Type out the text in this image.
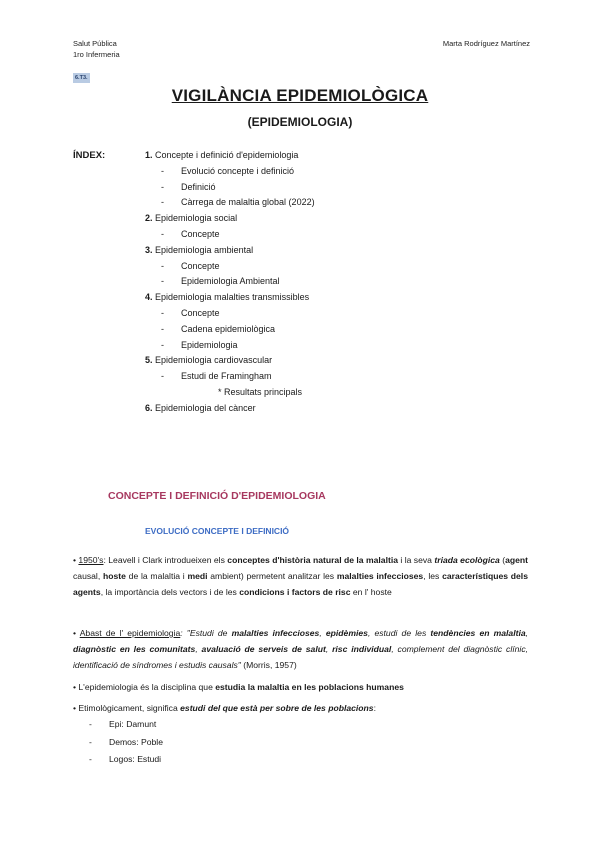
Salut Pública
1ro Infermeria
Marta Rodríguez Martínez
6.T3.
VIGILÀNCIA EPIDEMIOLÒGICA
(EPIDEMIOLOGIA)
ÍNDEX:	1. Concepte i definició d'epidemiologia
- Evolució concepte i definició
- Definició
- Càrrega de malaltia global (2022)
2. Epidemiologia social
- Concepte
3. Epidemiologia ambiental
- Concepte
- Epidemiologia Ambiental
4. Epidemiologia malalties transmissibles
- Concepte
- Cadena epidemiològica
- Epidemiologia
5. Epidemiologia cardiovascular
- Estudi de Framingham
* Resultats principals
6. Epidemiologia del càncer
CONCEPTE I DEFINICIÓ D'EPIDEMIOLOGIA
EVOLUCIÓ CONCEPTE I DEFINICIÓ
• 1950's: Leavell i Clark introdueixen els conceptes d'història natural de la malaltia i la seva triada ecològica (agent causal, hoste de la malaltia i medi ambient) permetent analitzar les malalties infeccioses, les característiques dels agents, la importància dels vectors i de les condicions i factors de risc en l' hoste
• Abast de l' epidemiologia: "Estudi de malalties infeccioses, epidèmies, estudi de les tendències en malaltia, diagnòstic en les comunitats, avaluació de serveis de salut, risc individual, complement del diagnòstic clínic, identificació de síndromes i estudis causals" (Morris, 1957)
• L'epidemiologia és la disciplina que estudia la malaltia en les poblacions humanes
• Etimològicament, significa estudi del que està per sobre de les poblacions:
- Epi: Damunt
- Demos: Poble
- Logos: Estudi
